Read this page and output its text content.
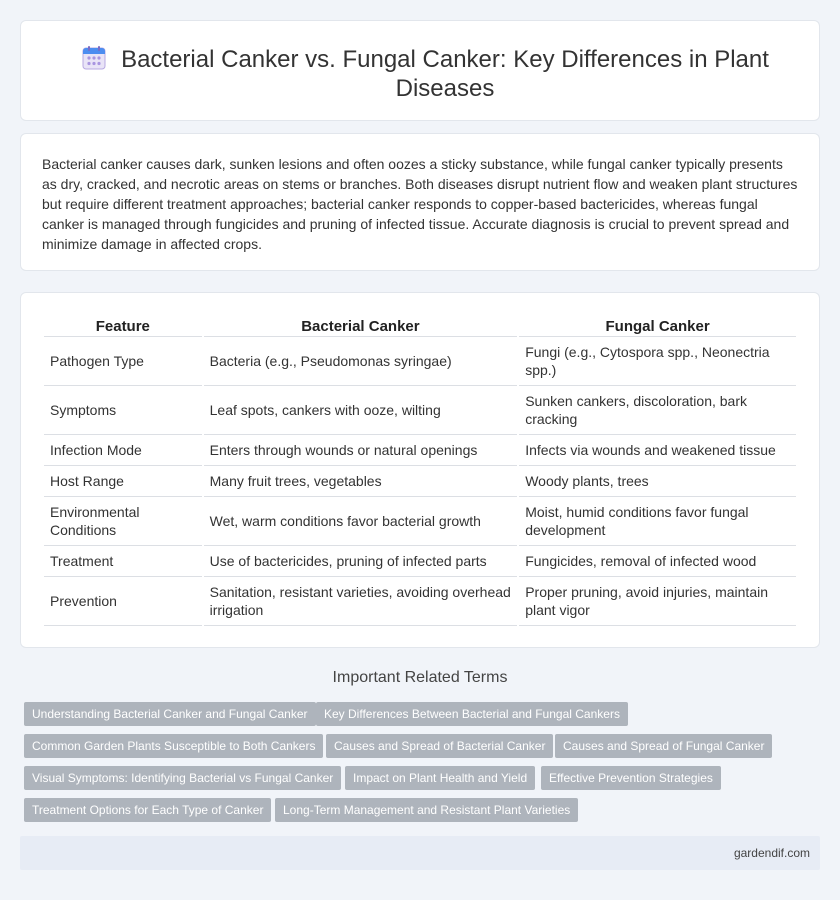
Bacterial Canker vs. Fungal Canker: Key Differences in Plant Diseases

Bacterial canker causes dark, sunken lesions and often oozes a sticky substance, while fungal canker typically presents as dry, cracked, and necrotic areas on stems or branches. Both diseases disrupt nutrient flow and weaken plant structures but require different treatment approaches; bacterial canker responds to copper-based bactericides, whereas fungal canker is managed through fungicides and pruning of infected tissue. Accurate diagnosis is crucial to prevent spread and minimize damage in affected crops.

Feature	Bacterial Canker	Fungal Canker
Pathogen Type	Bacteria (e.g., Pseudomonas syringae)	Fungi (e.g., Cytospora spp., Neonectria spp.)
Symptoms	Leaf spots, cankers with ooze, wilting	Sunken cankers, discoloration, bark cracking
Infection Mode	Enters through wounds or natural openings	Infects via wounds and weakened tissue
Host Range	Many fruit trees, vegetables	Woody plants, trees
Environmental Conditions	Wet, warm conditions favor bacterial growth	Moist, humid conditions favor fungal development
Treatment	Use of bactericides, pruning of infected parts	Fungicides, removal of infected wood
Prevention	Sanitation, resistant varieties, avoiding overhead irrigation	Proper pruning, avoid injuries, maintain plant vigor
Important Related Terms
Understanding Bacterial Canker and Fungal Canker	Key Differences Between Bacterial and Fungal Cankers
Common Garden Plants Susceptible to Both Cankers	Causes and Spread of Bacterial Canker	Causes and Spread of Fungal Canker
Visual Symptoms: Identifying Bacterial vs Fungal Canker	Impact on Plant Health and Yield	Effective Prevention Strategies
Treatment Options for Each Type of Canker	Long-Term Management and Resistant Plant Varieties
gardendif.com
